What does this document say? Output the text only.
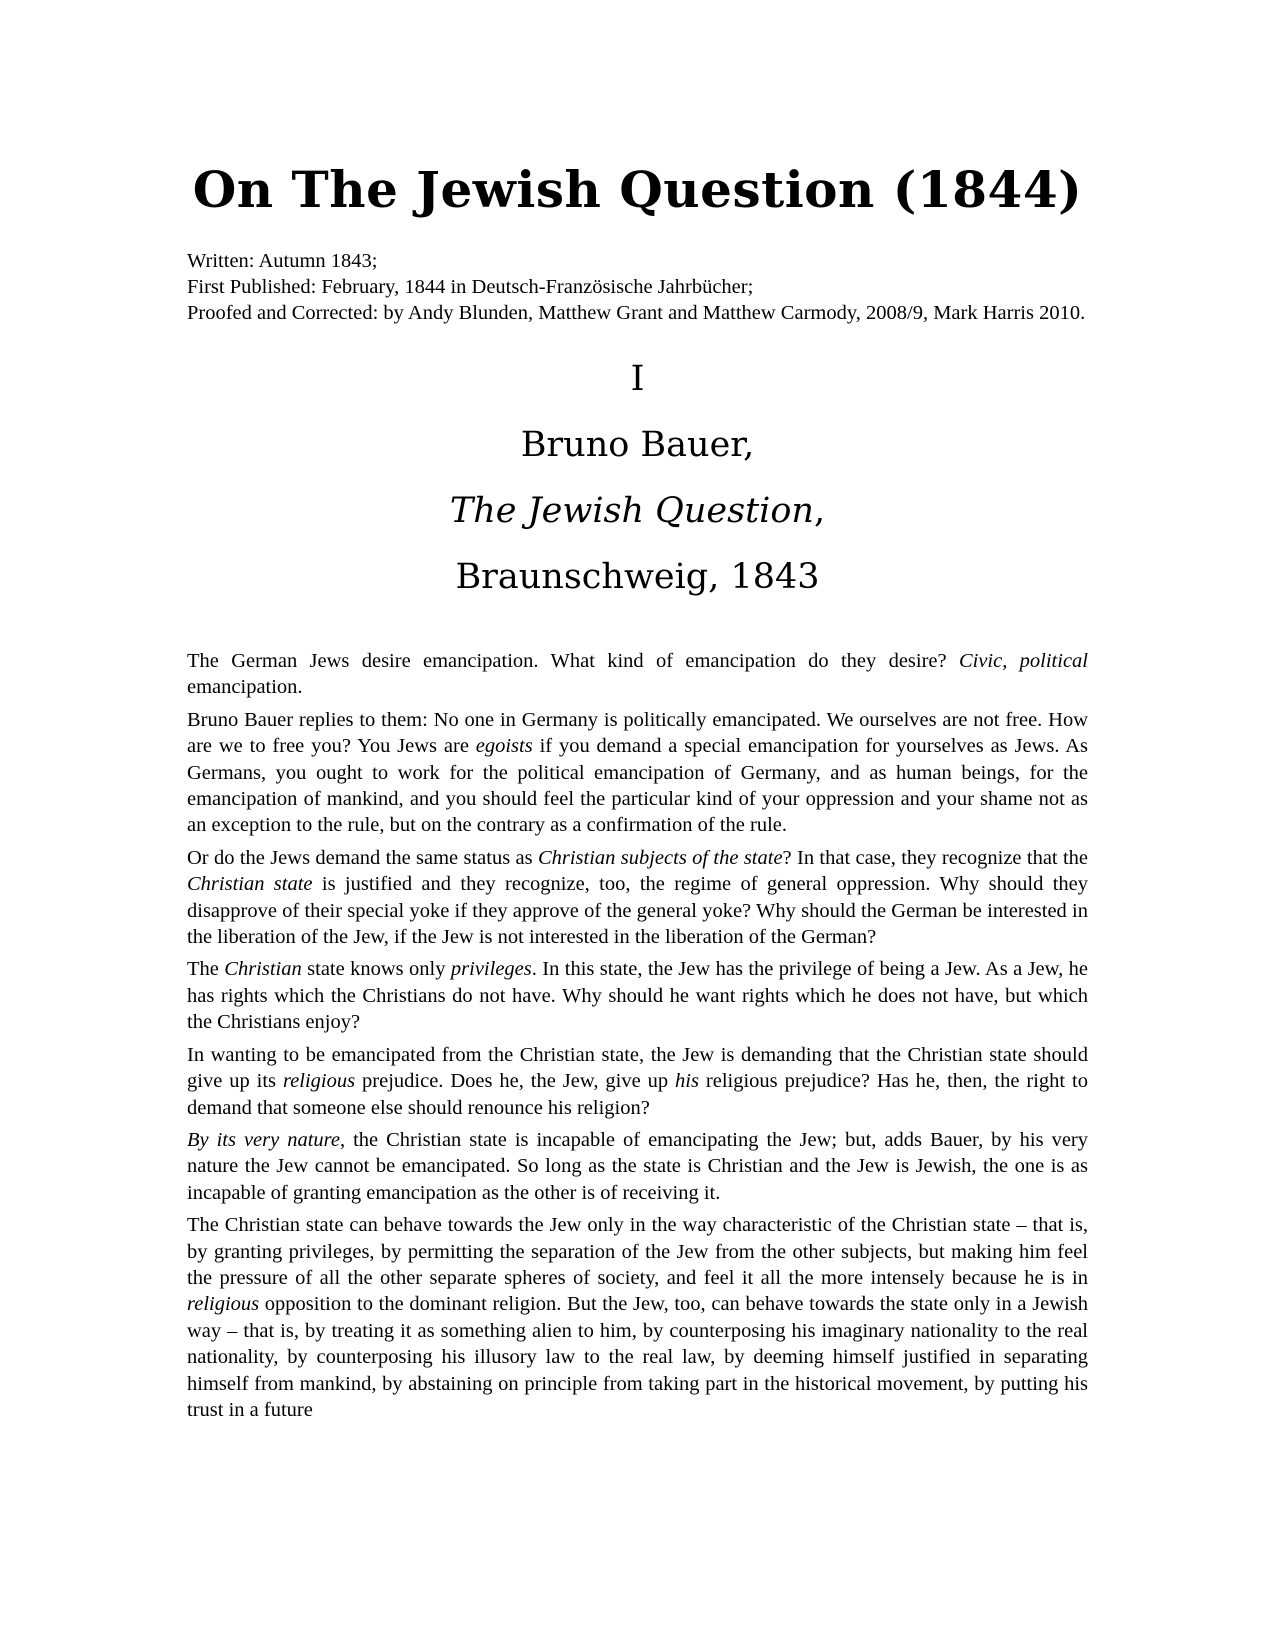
On The Jewish Question (1844)
Written: Autumn 1843;
First Published: February, 1844 in Deutsch-Französische Jahrbücher;
Proofed and Corrected: by Andy Blunden, Matthew Grant and Matthew Carmody, 2008/9, Mark Harris 2010.
I
Bruno Bauer,
The Jewish Question,
Braunschweig, 1843

The German Jews desire emancipation. What kind of emancipation do they desire? Civic, political emancipation.

Bruno Bauer replies to them: No one in Germany is politically emancipated. We ourselves are not free. How are we to free you? You Jews are egoists if you demand a special emancipation for yourselves as Jews. As Germans, you ought to work for the political emancipation of Germany, and as human beings, for the emancipation of mankind, and you should feel the particular kind of your oppression and your shame not as an exception to the rule, but on the contrary as a confirmation of the rule.

Or do the Jews demand the same status as Christian subjects of the state? In that case, they recognize that the Christian state is justified and they recognize, too, the regime of general oppression. Why should they disapprove of their special yoke if they approve of the general yoke? Why should the German be interested in the liberation of the Jew, if the Jew is not interested in the liberation of the German?

The Christian state knows only privileges. In this state, the Jew has the privilege of being a Jew. As a Jew, he has rights which the Christians do not have. Why should he want rights which he does not have, but which the Christians enjoy?

In wanting to be emancipated from the Christian state, the Jew is demanding that the Christian state should give up its religious prejudice. Does he, the Jew, give up his religious prejudice? Has he, then, the right to demand that someone else should renounce his religion?

By its very nature, the Christian state is incapable of emancipating the Jew; but, adds Bauer, by his very nature the Jew cannot be emancipated. So long as the state is Christian and the Jew is Jewish, the one is as incapable of granting emancipation as the other is of receiving it.

The Christian state can behave towards the Jew only in the way characteristic of the Christian state – that is, by granting privileges, by permitting the separation of the Jew from the other subjects, but making him feel the pressure of all the other separate spheres of society, and feel it all the more intensely because he is in religious opposition to the dominant religion. But the Jew, too, can behave towards the state only in a Jewish way – that is, by treating it as something alien to him, by counterposing his imaginary nationality to the real nationality, by counterposing his illusory law to the real law, by deeming himself justified in separating himself from mankind, by abstaining on principle from taking part in the historical movement, by putting his trust in a future
